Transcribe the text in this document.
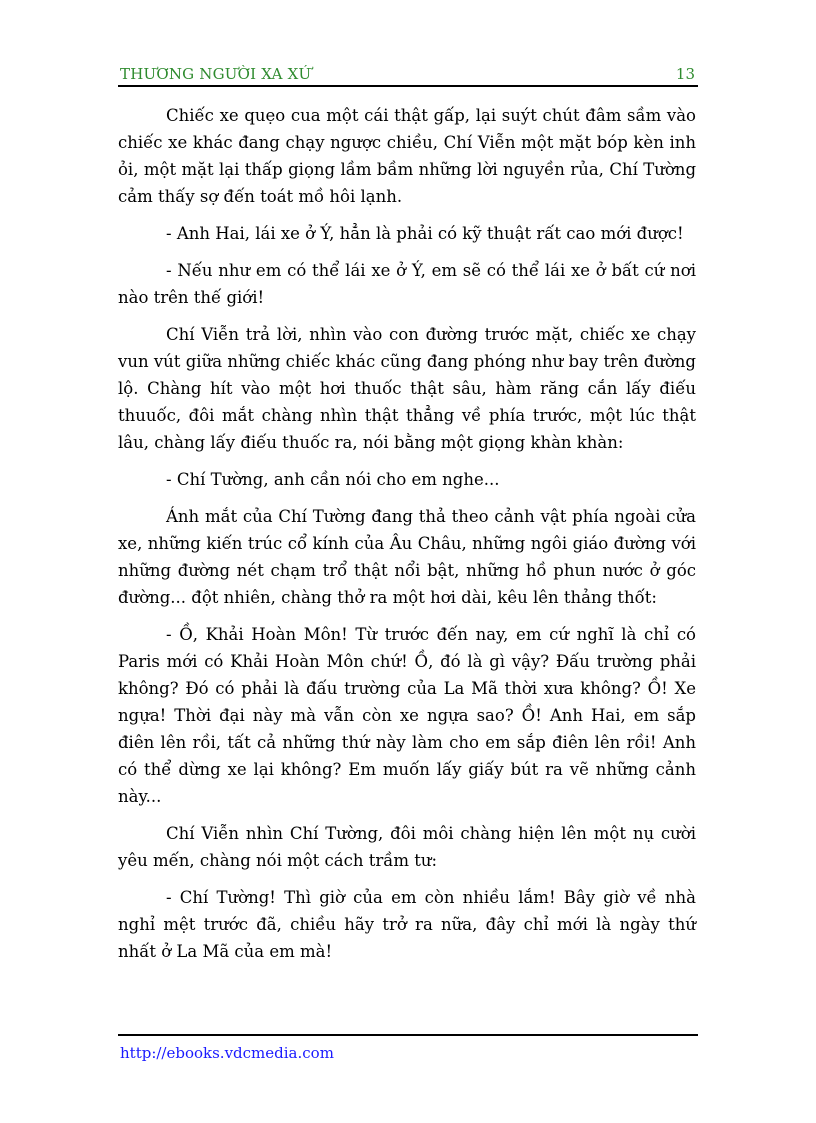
THƯƠNG NGƯỜI XA XỨ	13

Chiếc xe quẹo cua một cái thật gấp, lại suýt chút đâm sầm vào chiếc xe khác đang chạy ngược chiều, Chí Viễn một mặt bóp kèn inh ỏi, một mặt lại thấp giọng lầm bầm những lời nguyền rủa, Chí Tường cảm thấy sợ đến toát mồ hôi lạnh.

- Anh Hai, lái xe ở Ý, hẳn là phải có kỹ thuật rất cao mới được!

- Nếu như em có thể lái xe ở Ý, em sẽ có thể lái xe ở bất cứ nơi nào trên thế giới!

Chí Viễn trả lời, nhìn vào con đường trước mặt, chiếc xe chạy vun vút giữa những chiếc khác cũng đang phóng như bay trên đường lộ. Chàng hít vào một hơi thuốc thật sâu, hàm răng cắn lấy điếu thuuốc, đôi mắt chàng nhìn thật thẳng về phía trước, một lúc thật lâu, chàng lấy điếu thuốc ra, nói bằng một giọng khàn khàn:

- Chí Tường, anh cần nói cho em nghe...

Ánh mắt của Chí Tường đang thả theo cảnh vật phía ngoài cửa xe, những kiến trúc cổ kính của Âu Châu, những ngôi giáo đường với những đường nét chạm trổ thật nổi bật, những hồ phun nước ở góc đường... đột nhiên, chàng thở ra một hơi dài, kêu lên thảng thốt:

- Ồ, Khải Hoàn Môn! Từ trước đến nay, em cứ nghĩ là chỉ có Paris mới có Khải Hoàn Môn chứ! Ồ, đó là gì vậy? Đấu trường phải không? Đó có phải là đấu trường của La Mã thời xưa không? Ồ! Xe ngựa! Thời đại này mà vẫn còn xe ngựa sao? Ồ! Anh Hai, em sắp điên lên rồi, tất cả những thứ này làm cho em sắp điên lên rồi! Anh có thể dừng xe lại không? Em muốn lấy giấy bút ra vẽ những cảnh này...

Chí Viễn nhìn Chí Tường, đôi môi chàng hiện lên một nụ cười yêu mến, chàng nói một cách trầm tư:

- Chí Tường! Thì giờ của em còn nhiều lắm! Bây giờ về nhà nghỉ mệt trước đã, chiều hãy trở ra nữa, đây chỉ mới là ngày thứ nhất ở La Mã của em mà!

http://ebooks.vdcmedia.com
